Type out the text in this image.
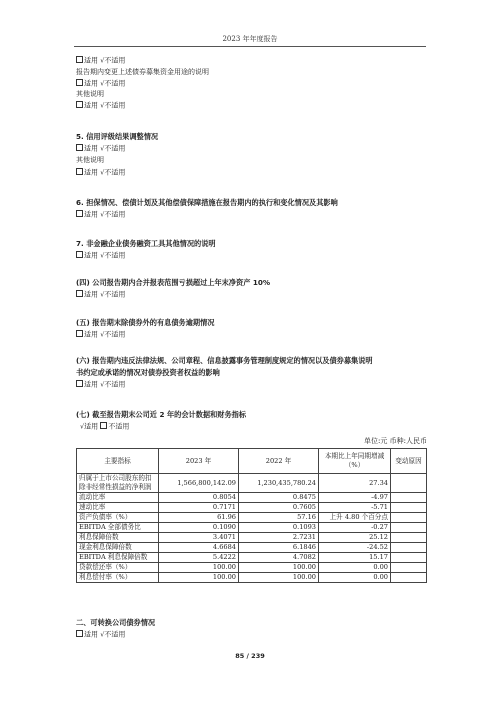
2023 年年度报告
适用 √不适用
报告期内变更上述债券募集资金用途的说明
适用 √不适用
其他说明
适用 √不适用
5. 信用评级结果调整情况
适用 √不适用
其他说明
适用 √不适用
6. 担保情况、偿债计划及其他偿债保障措施在报告期内的执行和变化情况及其影响
适用 √不适用
7. 非金融企业债务融资工具其他情况的说明
适用 √不适用
(四) 公司报告期内合并报表范围亏损超过上年末净资产 10%
适用 √不适用
(五) 报告期末除债券外的有息债务逾期情况
适用 √不适用
(六) 报告期内违反法律法规、公司章程、信息披露事务管理制度规定的情况以及债券募集说明
书约定或承诺的情况对债券投资者权益的影响
适用 √不适用
(七) 截至报告期末公司近 2 年的会计数据和财务指标
√适用 不适用
单位:元 币种:人民币
主要指标	2023 年	2022 年	本期比上年同期增减（%）	变动原因
归属于上市公司股东的扣除非经常性损益的净利润	1,566,800,142.09	1,230,435,780.24	27.34	
流动比率	0.8054	0.8475	-4.97	
速动比率	0.7171	0.7605	-5.71	
资产负债率（%）	61.96	57.16	上升 4.80 个百分点	
EBITDA 全部债务比	0.1090	0.1093	-0.27	
利息保障倍数	3.4071	2.7231	25.12	
现金利息保障倍数	4.6684	6.1846	-24.52	
EBITDA 利息保障倍数	5.4222	4.7082	15.17	
贷款偿还率（%）	100.00	100.00	0.00	
利息偿付率（%）	100.00	100.00	0.00	
二、可转换公司债券情况
适用 √不适用
85 / 239
